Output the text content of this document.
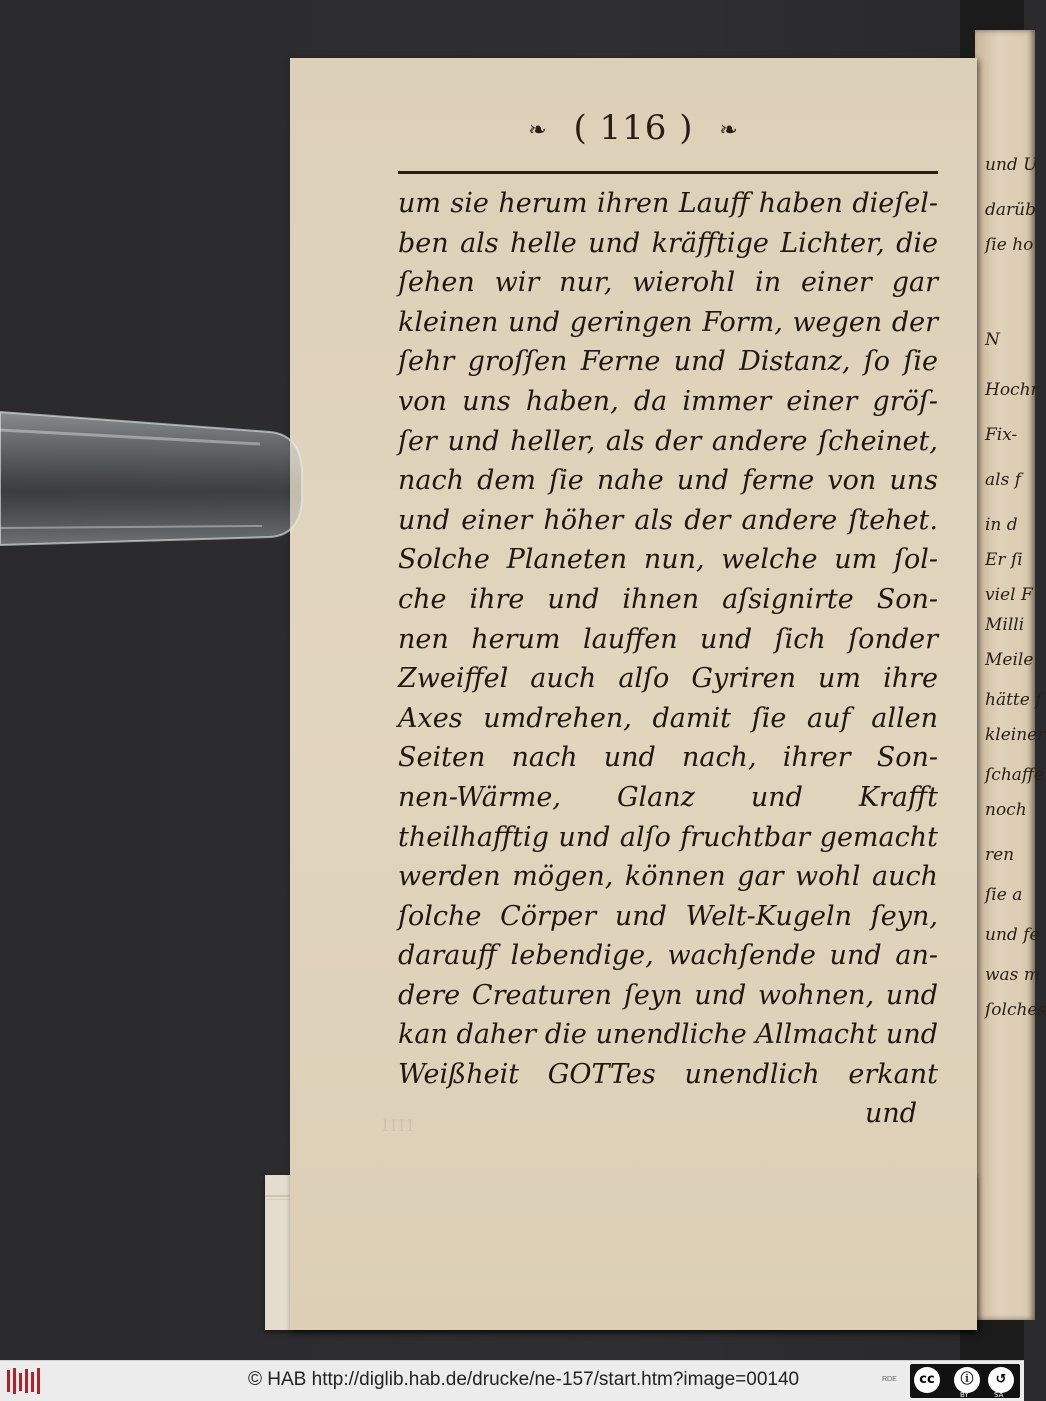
und U
darüb
ſie ho
N
Hochr
Fix-
als f
in d
Er ſi
viel F
Milli
Meile
hätte ſ
kleiner
ſchaffe
noch
ren
ſie a
und fe
was m
ſolches
❧ ( 116 ) ❧
um sie herum ihren Lauff haben dieſel-
ben als helle und kräfftige Lichter, die
ſehen wir nur, wierohl in einer gar
kleinen und geringen Form, wegen der
ſehr groſſen Ferne und Distanz, ſo ſie
von uns haben, da immer einer gröſ-
ſer und heller, als der andere ſcheinet,
nach dem ſie nahe und ferne von uns
und einer höher als der andere ſtehet.
Solche Planeten nun, welche um ſol-
che ihre und ihnen aſsignirte Son-
nen herum lauffen und ſich ſonder
Zweiffel auch alſo Gyriren um ihre
Axes umdrehen, damit ſie auf allen
Seiten nach und nach, ihrer Son-
nen-Wärme, Glanz und Krafft
theilhafftig und alſo fruchtbar gemacht
werden mögen, können gar wohl auch
ſolche Cörper und Welt-Kugeln ſeyn,
darauff lebendige, wachſende und an-
dere Creaturen ſeyn und wohnen, und
kan daher die unendliche Allmacht und
Weißheit GOTTes unendlich erkant
IIII	und
© HAB http://diglib.hab.de/drucke/ne-157/start.htm?image=00140	RDE	cc	ⓘ	↺
BY	SA
